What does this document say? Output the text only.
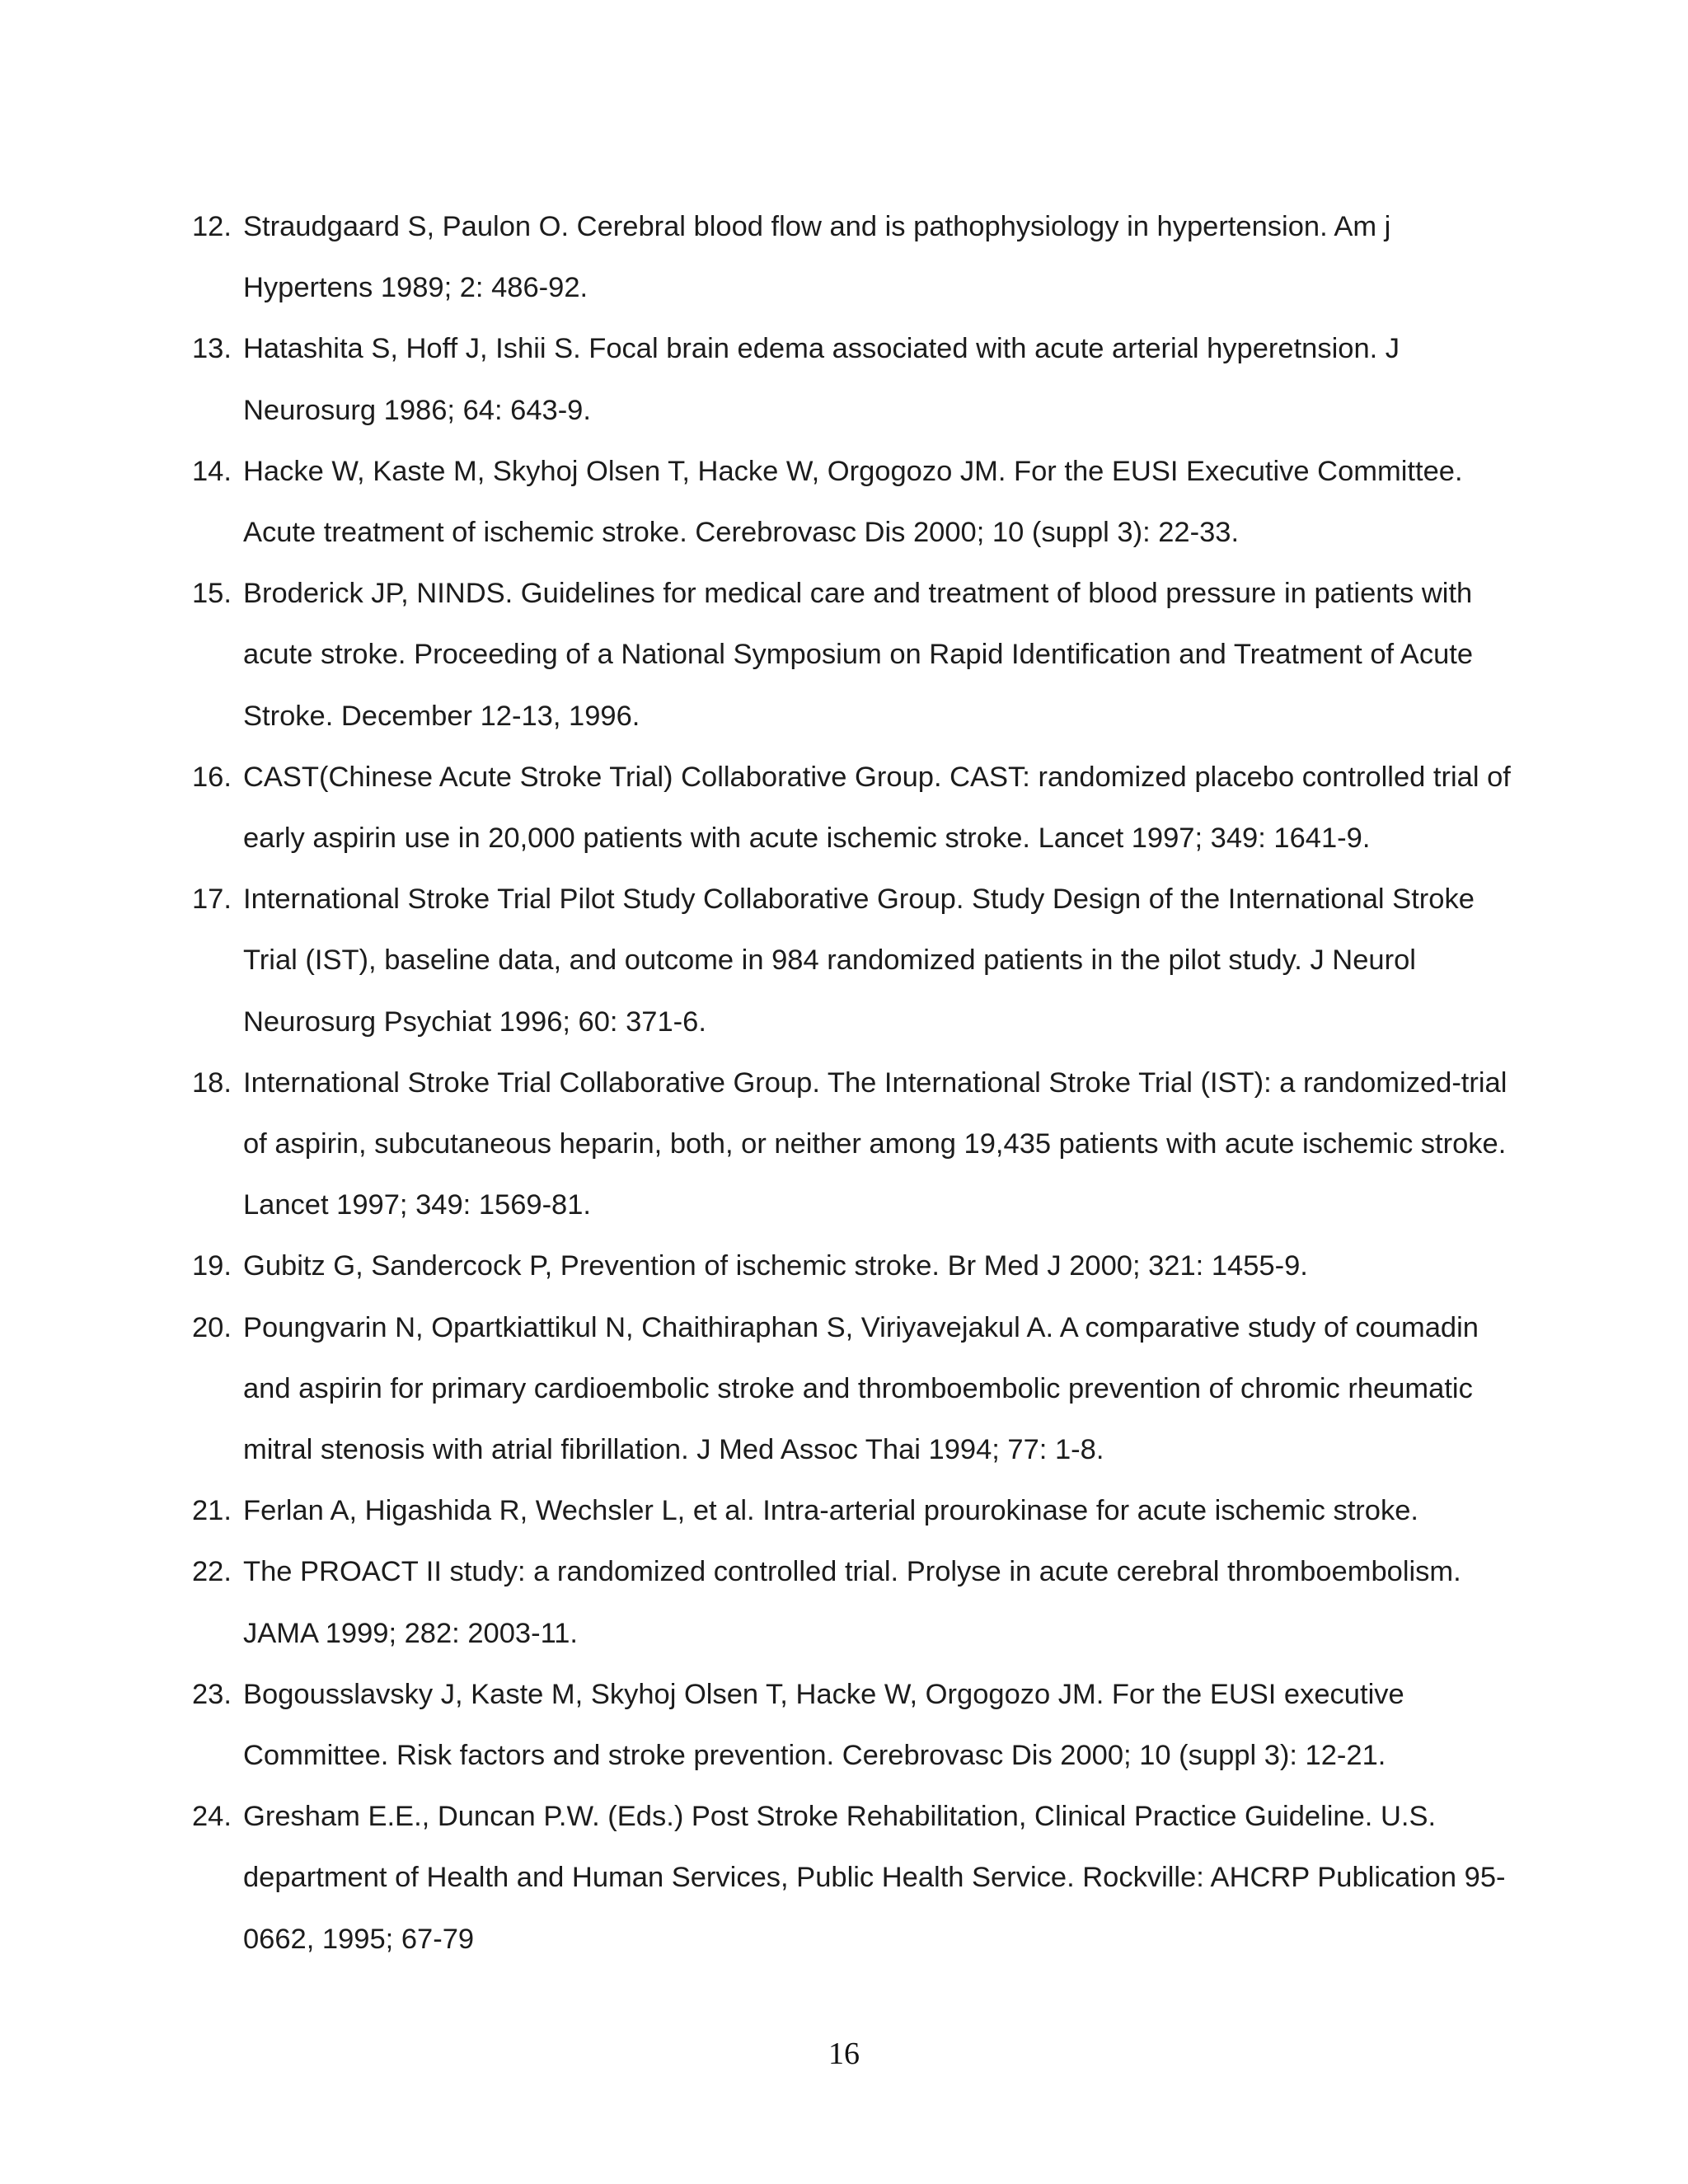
12. Straudgaard S, Paulon O. Cerebral blood flow and is pathophysiology in hypertension. Am j Hypertens 1989; 2: 486-92.
13. Hatashita S, Hoff J, Ishii S. Focal brain edema associated with acute arterial hyperetnsion. J Neurosurg 1986; 64: 643-9.
14. Hacke W, Kaste M, Skyhoj Olsen T, Hacke W, Orgogozo JM. For the EUSI Executive Committee. Acute treatment of ischemic stroke. Cerebrovasc Dis 2000; 10 (suppl 3): 22-33.
15. Broderick JP, NINDS. Guidelines for medical care and treatment of blood pressure in patients with acute stroke. Proceeding of a National Symposium on Rapid Identification and Treatment of Acute Stroke. December 12-13, 1996.
16. CAST(Chinese Acute Stroke Trial) Collaborative Group. CAST: randomized placebo controlled trial of early aspirin use in 20,000 patients with acute ischemic stroke. Lancet 1997; 349: 1641-9.
17. International Stroke Trial Pilot Study Collaborative Group. Study Design of the International Stroke Trial (IST), baseline data, and outcome in 984 randomized patients in the pilot study. J Neurol Neurosurg Psychiat 1996; 60: 371-6.
18. International Stroke Trial Collaborative Group. The International Stroke Trial (IST): a randomized-trial of aspirin, subcutaneous heparin, both, or neither among 19,435 patients with acute ischemic stroke. Lancet 1997; 349: 1569-81.
19. Gubitz G, Sandercock P, Prevention of ischemic stroke. Br Med J 2000; 321: 1455-9.
20. Poungvarin N, Opartkiattikul N, Chaithiraphan S, Viriyavejakul A. A comparative study of coumadin and aspirin for primary cardioembolic stroke and thromboembolic prevention of chromic rheumatic mitral stenosis with atrial fibrillation. J Med Assoc Thai 1994; 77: 1-8.
21. Ferlan A, Higashida R, Wechsler L, et al. Intra-arterial prourokinase for acute ischemic stroke.
22. The PROACT II study: a randomized controlled trial. Prolyse in acute cerebral thromboembolism. JAMA 1999; 282: 2003-11.
23. Bogousslavsky J, Kaste M, Skyhoj Olsen T, Hacke W, Orgogozo JM. For the EUSI executive Committee. Risk factors and stroke prevention. Cerebrovasc Dis 2000; 10 (suppl 3): 12-21.
24. Gresham E.E., Duncan P.W. (Eds.) Post Stroke Rehabilitation, Clinical Practice Guideline. U.S. department of Health and Human Services, Public Health Service. Rockville: AHCRP Publication 95-0662, 1995; 67-79
16
